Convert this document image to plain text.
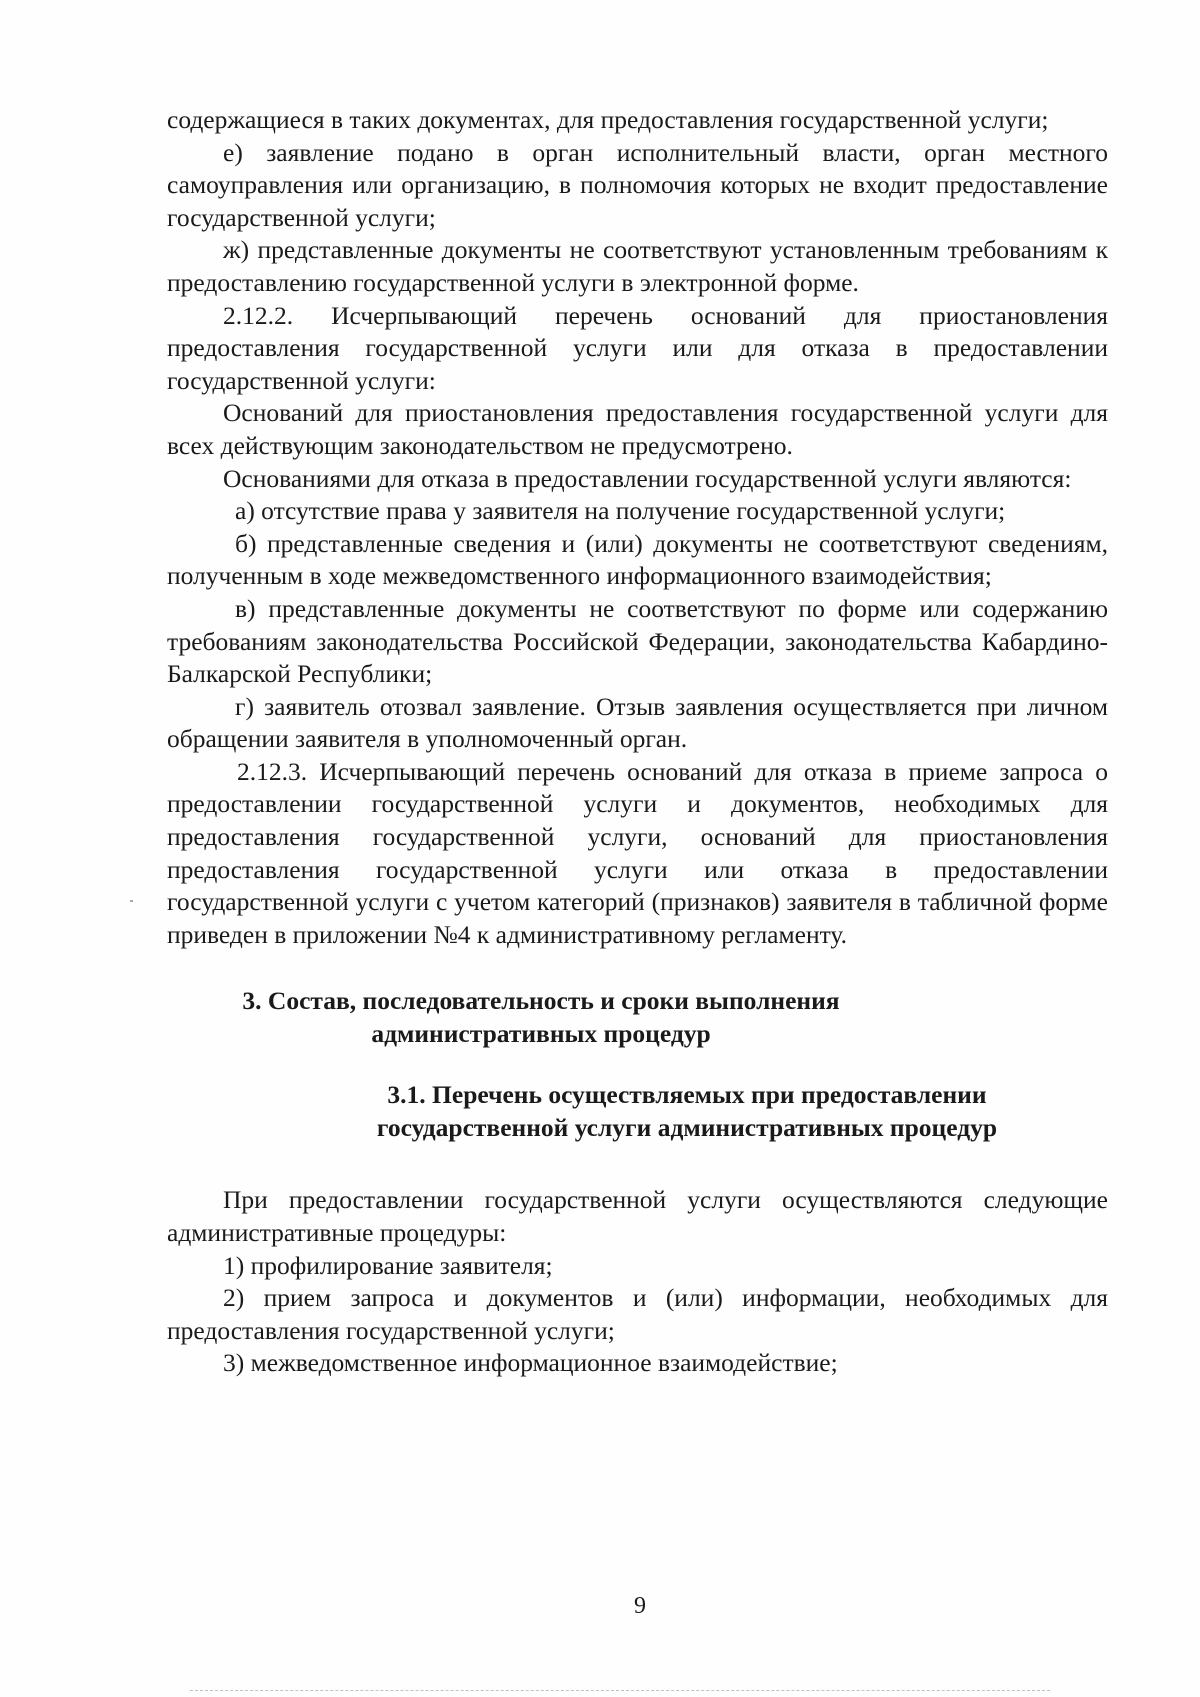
содержащиеся в таких документах, для предоставления государственной услуги;

е) заявление подано в орган исполнительный власти, орган местного самоуправления или организацию, в полномочия которых не входит предоставление государственной услуги;

ж) представленные документы не соответствуют установленным требованиям к предоставлению государственной услуги в электронной форме.

2.12.2. Исчерпывающий перечень оснований для приостановления предоставления государственной услуги или для отказа в предоставлении государственной услуги:

Оснований для приостановления предоставления государственной услуги для всех действующим законодательством не предусмотрено.

Основаниями для отказа в предоставлении государственной услуги являются:

а) отсутствие права у заявителя на получение государственной услуги;

б) представленные сведения и (или) документы не соответствуют сведениям, полученным в ходе межведомственного информационного взаимодействия;

в) представленные документы не соответствуют по форме или содержанию требованиям законодательства Российской Федерации, законодательства Кабардино-Балкарской Республики;

г) заявитель отозвал заявление. Отзыв заявления осуществляется при личном обращении заявителя в уполномоченный орган.

2.12.3. Исчерпывающий перечень оснований для отказа в приеме запроса о предоставлении государственной услуги и документов, необходимых для предоставления государственной услуги, оснований для приостановления предоставления государственной услуги или отказа в предоставлении государственной услуги с учетом категорий (признаков) заявителя в табличной форме приведен в приложении №4 к административному регламенту.

3. Состав, последовательность и сроки выполнения
административных процедур
3.1. Перечень осуществляемых при предоставлении
государственной услуги административных процедур

При предоставлении государственной услуги осуществляются следующие административные процедуры:

1) профилирование заявителя;

2) прием запроса и документов и (или) информации, необходимых для предоставления государственной услуги;

3) межведомственное информационное взаимодействие;

9
